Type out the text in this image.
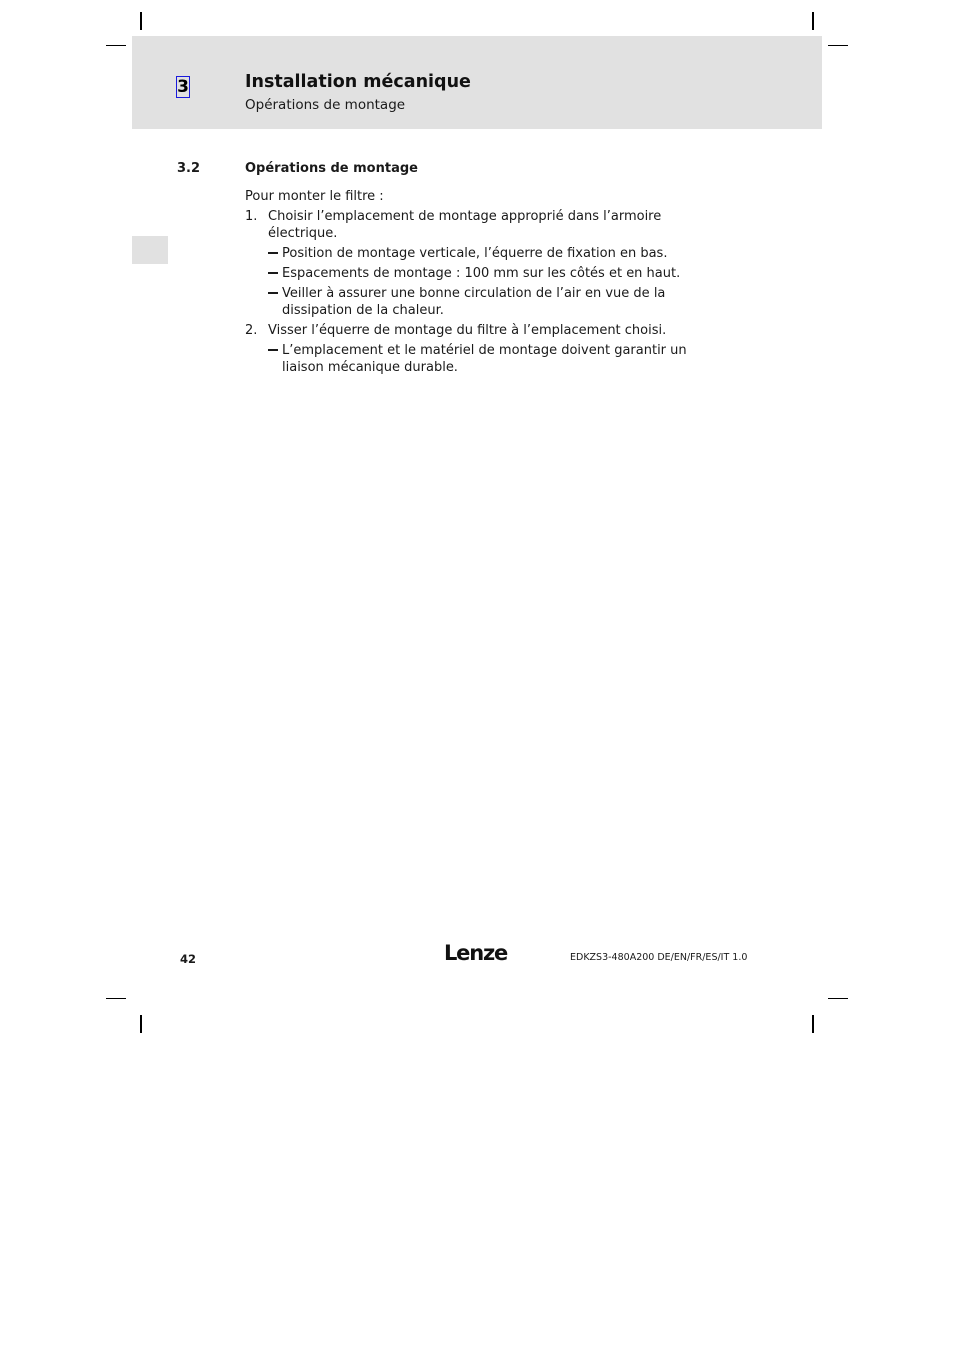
3	Installation mécanique
Opérations de montage
3.2	Opérations de montage
Pour monter le filtre :
1. Choisir l’emplacement de montage approprié dans l’armoire électrique.
Position de montage verticale, l’équerre de fixation en bas.
Espacements de montage : 100 mm sur les côtés et en haut.
Veiller à assurer une bonne circulation de l’air en vue de la dissipation de la chaleur.
2. Visser l’équerre de montage du filtre à l’emplacement choisi.
L’emplacement et le matériel de montage doivent garantir un liaison mécanique durable.
42	Lenze	EDKZS3-480A200 DE/EN/FR/ES/IT 1.0
